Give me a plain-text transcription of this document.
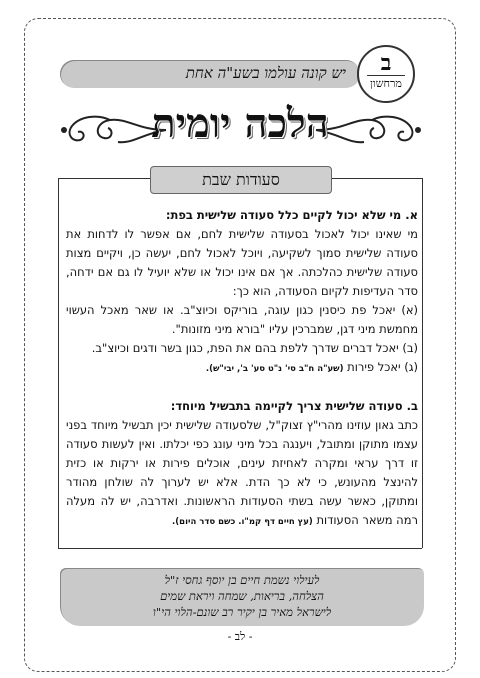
יש קונה עולמו בשע"ה אחת	ב
מרחשון
הלכה יומית
סעודות שבת

א. מי שלא יכול לקיים כלל סעודה שלישית בפת:

מי שאינו יכול לאכול בסעודה שלישית לחם, אם אפשר לו לדחות את סעודה שלישית סמוך לשקיעה, ויוכל לאכול לחם, יעשה כן, ויקיים מצות סעודה שלישית כהלכתה. אך אם אינו יכול או שלא יועיל לו גם אם ידחה, סדר העדיפות לקיום הסעודה, הוא כך:

(א) יאכל פת כיסנין כגון עוגה, בוריקס וכיוצ"ב. או שאר מאכל העשוי מחמשת מיני דגן, שמברכין עליו "בורא מיני מזונות".

(ב) יאכל דברים שדרך ללפת בהם את הפת, כגון בשר ודגים וכיוצ"ב.

(ג) יאכל פירות (שע"ה ח"ב סי' נ"ט סע' ב', יבי"ש).

ב. סעודה שלישית צריך לקיימה בתבשיל מיוחד:

כתב גאון עוזינו מהרי"ץ זצוק"ל, שלסעודה שלישית יכין תבשיל מיוחד בפני עצמו מתוקן ומתובל, ויענגה בכל מיני עונג כפי יכלתו. ואין לעשות סעודה זו דרך עראי ומקרה לאחיזת עינים, אוכלים פירות או ירקות או כזית להינצל מהעונש, כי לא כך הדת. אלא יש לערוך לה שולחן מהודר ומתוקן, כאשר עשה בשתי הסעודות הראשונות. ואדרבה, יש לה מעלה רמה משאר הסעודות (עץ חיים דף קמ"ו. כשם סדר היום).

לעילוי נשמת חיים בן יוסף גחסי ז"ל
הצלחה, בריאות, שמחה ויראת שמים
לישראל מאיר בן יקיר רב שונם-הלוי הי"ו
- לב -
